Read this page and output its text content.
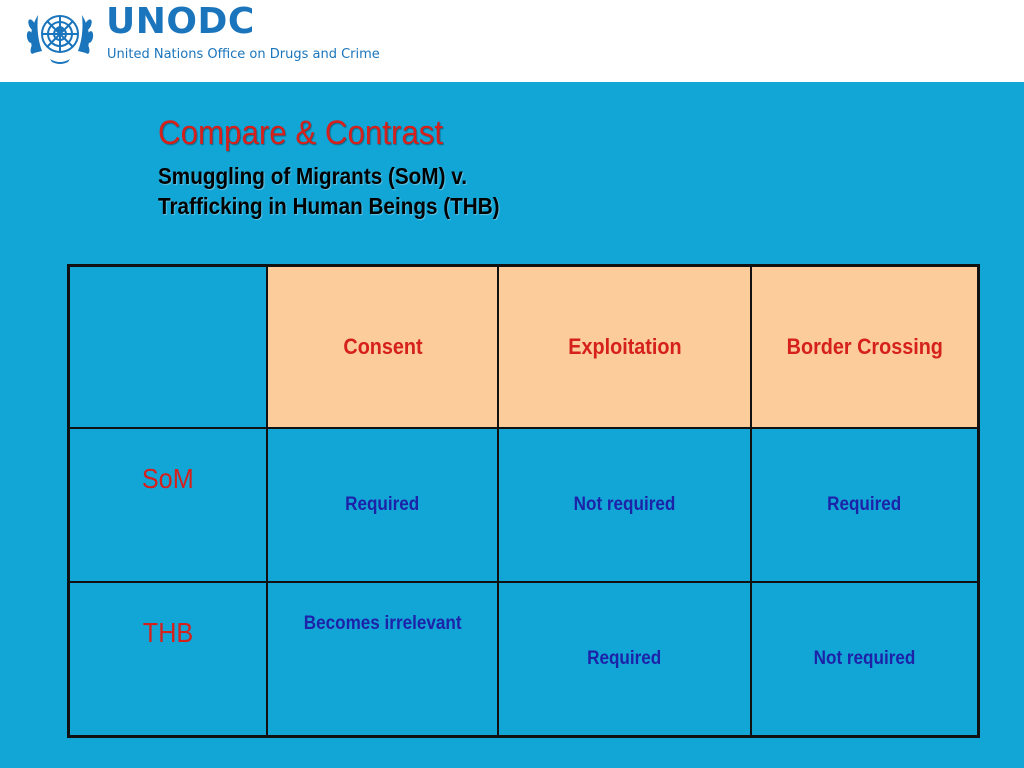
UNODC
United Nations Office on Drugs and Crime
Compare & Contrast
Smuggling of Migrants (SoM) v.
Trafficking in Human Beings (THB)
	Consent	Exploitation	Border Crossing
SoM	Required	Not required	Required
THB	Becomes irrelevant	Required	Not required
